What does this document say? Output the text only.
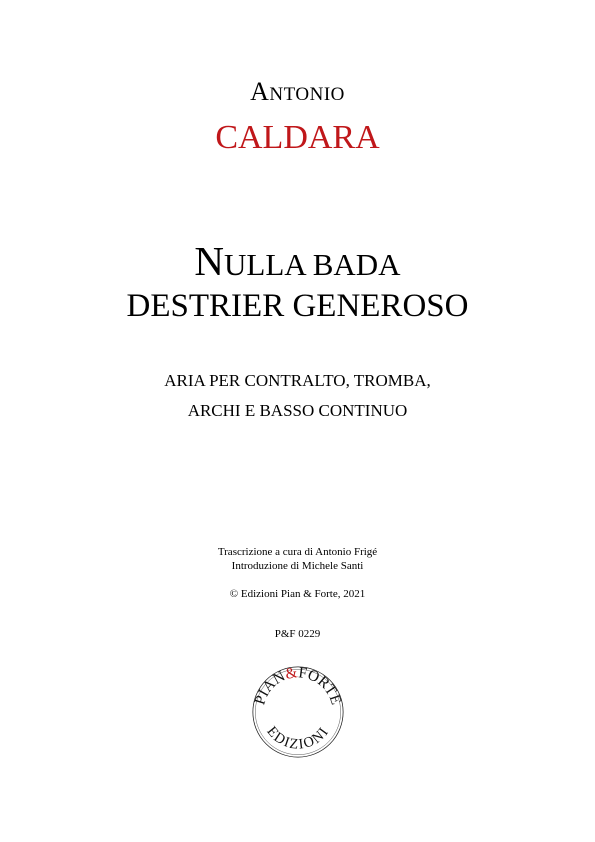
ANTONIO
CALDARA
NULLA BADA
DESTRIER GENEROSO
ARIA PER CONTRALTO, TROMBA,
ARCHI E BASSO CONTINUO
Trascrizione a cura di Antonio Frigé
Introduzione di Michele Santi
© Edizioni Pian & Forte, 2021
P&F 0229
PIAN&FORTE
EDIZIONI
